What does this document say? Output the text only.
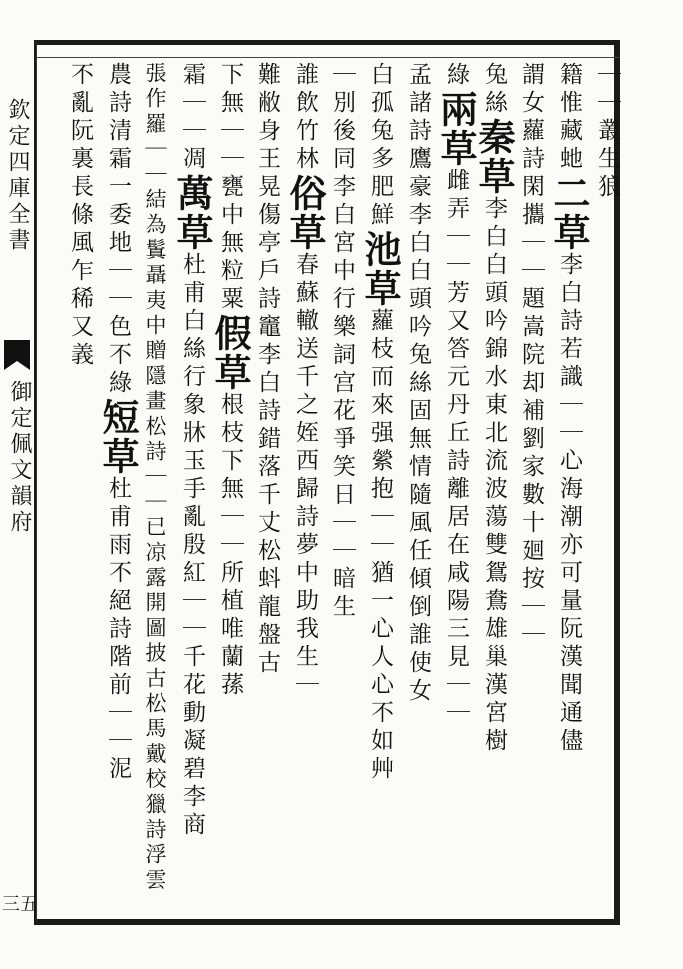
欽定四庫全書
御定佩文韻府
三五
｜｜叢生狼
籍惟藏虵二草李白詩若識｜｜心海潮亦可量阮漢聞通儘
謂女蘿詩閑攜｜｜題嵩院却補劉家數十廻按｜｜
兔絲秦草李白白頭吟錦水東北流波蕩雙鴛鴦雄巢漢宮樹
綠兩草雌弄｜｜芳又答元丹丘詩離居在咸陽三見｜｜
孟諸詩鷹豪李白白頭吟兔絲固無情隨風任傾倒誰使女
白孤兔多肥鮮池草蘿枝而來强縈抱｜｜猶一心人心不如艸
｜別後同李白宮中行樂詞宫花爭笑日｜｜暗生
誰飲竹林俗草春蘇轍送千之姪西歸詩夢中助我生｜
難敝身王晃傷亭戶詩竈李白詩錯落千丈松蚪龍盤古
下無｜｜甕中無粒粟假草根枝下無｜｜所植唯蘭蓀
霜｜｜凋萬草杜甫白絲行象牀玉手亂殷紅｜｜千花動凝碧李商
張作羅｜｜結為鬒聶夷中贈隱畫松詩｜｜已凉露開圖披古松馬戴校獵詩浮雲
農詩清霜一委地｜｜色不綠短草杜甫雨不絕詩階前｜｜泥
不亂阮裏長條風乍稀又義
